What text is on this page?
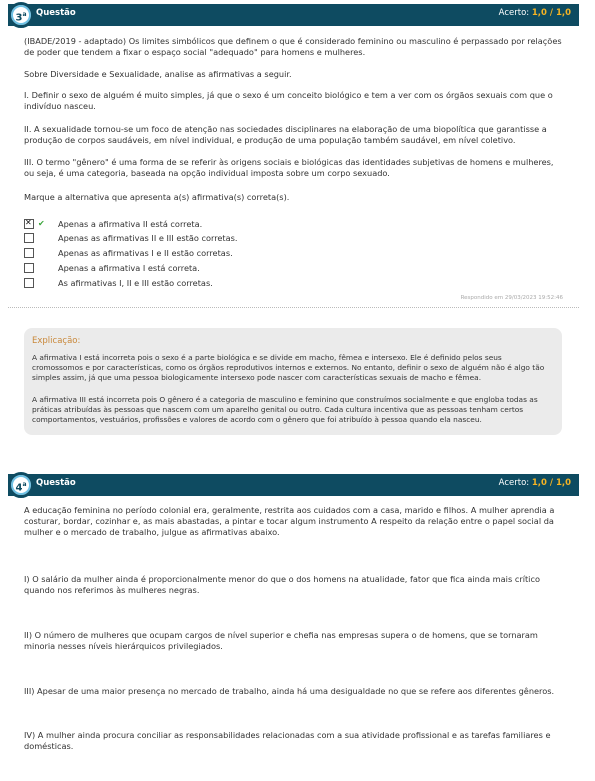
Questão	Acerto: 1,0 / 1,0
3$^a$
(IBADE/2019 - adaptado) Os limites simbólicos que definem o que é considerado feminino ou masculino é perpassado por relações de poder que tendem a fixar o espaço social "adequado" para homens e mulheres.
Sobre Diversidade e Sexualidade, analise as afirmativas a seguir.
I. Definir o sexo de alguém é muito simples, já que o sexo é um conceito biológico e tem a ver com os órgãos sexuais com que o indivíduo nasceu.
II. A sexualidade tornou-se um foco de atenção nas sociedades disciplinares na elaboração de uma biopolítica que garantisse a produção de corpos saudáveis, em nível individual, e produção de uma população também saudável, em nível coletivo.
III. O termo "gênero" é uma forma de se referir às origens sociais e biológicas das identidades subjetivas de homens e mulheres, ou seja, é uma categoria, baseada na opção individual imposta sobre um corpo sexuado.
Marque a alternativa que apresenta a(s) afirmativa(s) correta(s).
✕✔ Apenas a afirmativa II está correta.
Apenas as afirmativas II e III estão corretas.
Apenas as afirmativas I e II estão corretas.
Apenas a afirmativa I está correta.
As afirmativas I, II e III estão corretas.
Respondido em 29/03/2023 19:52:46
Explicação:
A afirmativa I está incorreta pois o sexo é a parte biológica e se divide em macho, fêmea e intersexo. Ele é definido pelos seus cromossomos e por características, como os órgãos reprodutivos internos e externos. No entanto, definir o sexo de alguém não é algo tão simples assim, já que uma pessoa biologicamente intersexo pode nascer com características sexuais de macho e fêmea.
A afirmativa III está incorreta pois O gênero é a categoria de masculino e feminino que construímos socialmente e que engloba todas as práticas atribuídas às pessoas que nascem com um aparelho genital ou outro. Cada cultura incentiva que as pessoas tenham certos comportamentos, vestuários, profissões e valores de acordo com o gênero que foi atribuído à pessoa quando ela nasceu.
Questão	Acerto: 1,0 / 1,0
4$^a$
A educação feminina no período colonial era, geralmente, restrita aos cuidados com a casa, marido e filhos. A mulher aprendia a costurar, bordar, cozinhar e, as mais abastadas, a pintar e tocar algum instrumento A respeito da relação entre o papel social da mulher e o mercado de trabalho, julgue as afirmativas abaixo.
I) O salário da mulher ainda é proporcionalmente menor do que o dos homens na atualidade, fator que fica ainda mais crítico quando nos referimos às mulheres negras.
II) O número de mulheres que ocupam cargos de nível superior e chefia nas empresas supera o de homens, que se tornaram minoria nesses níveis hierárquicos privilegiados.
III) Apesar de uma maior presença no mercado de trabalho, ainda há uma desigualdade no que se refere aos diferentes gêneros.
IV) A mulher ainda procura conciliar as responsabilidades relacionadas com a sua atividade profissional e as tarefas familiares e domésticas.
